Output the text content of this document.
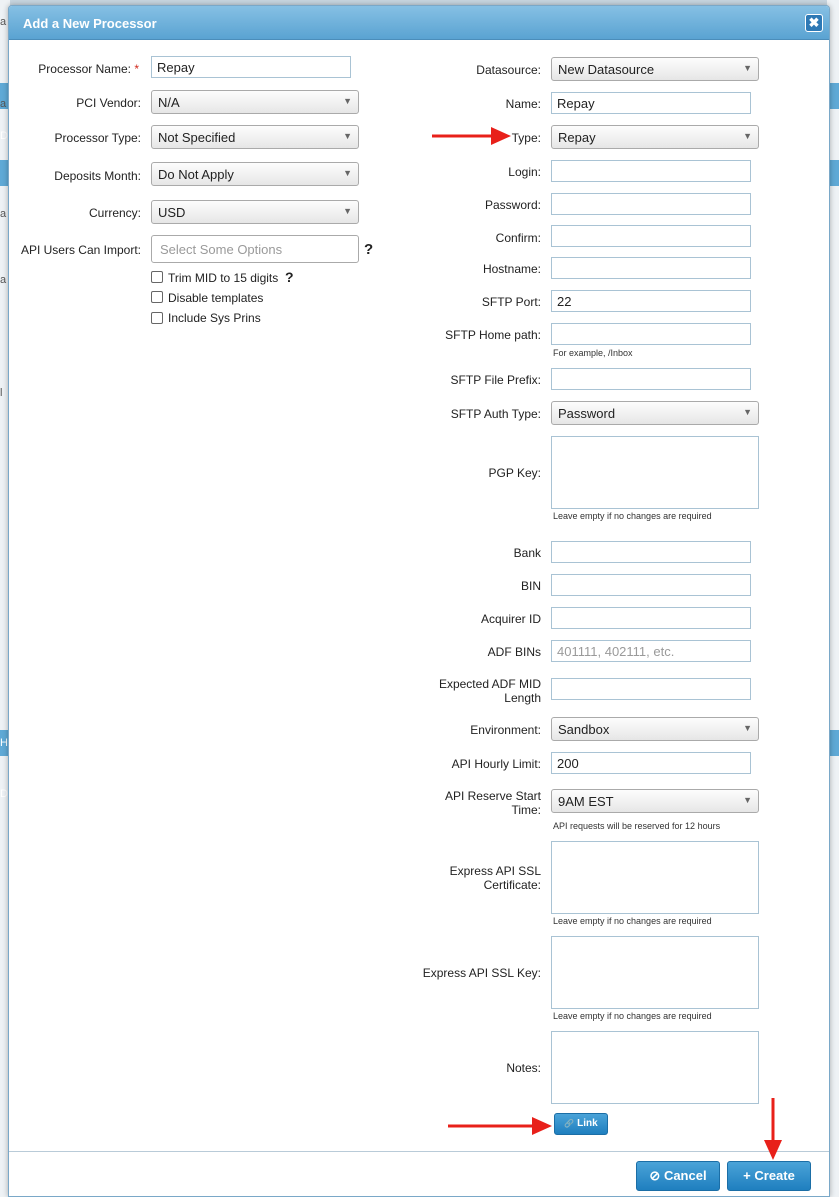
a
a
a
a
l
D
D
H
Add a New Processor	✖
Processor Name: *	Repay
PCI Vendor:	N/A	▼
Processor Type:	Not Specified	▼
Deposits Month:	Do Not Apply	▼
Currency:	USD	▼
API Users Can Import:	Select Some Options	?
Trim MID to 15 digits ?
Disable templates
Include Sys Prins
Datasource:	New Datasource	▼
Name:	Repay
Type:	Repay	▼
Login:
Password:
Confirm:
Hostname:
SFTP Port:	22
SFTP Home path:
For example, /Inbox
SFTP File Prefix:
SFTP Auth Type:	Password	▼
PGP Key:
Leave empty if no changes are required
Bank
BIN
Acquirer ID
ADF BINs	401111, 402111, etc.
Expected ADF MID
Length
Environment:	Sandbox	▼
API Hourly Limit:	200
API Reserve Start
Time:
9AM EST	▼
API requests will be reserved for 12 hours
Express API SSL
Certificate:
Leave empty if no changes are required
Express API SSL Key:
Leave empty if no changes are required
Notes:
🔗 Link
⊘ Cancel	+ Create
